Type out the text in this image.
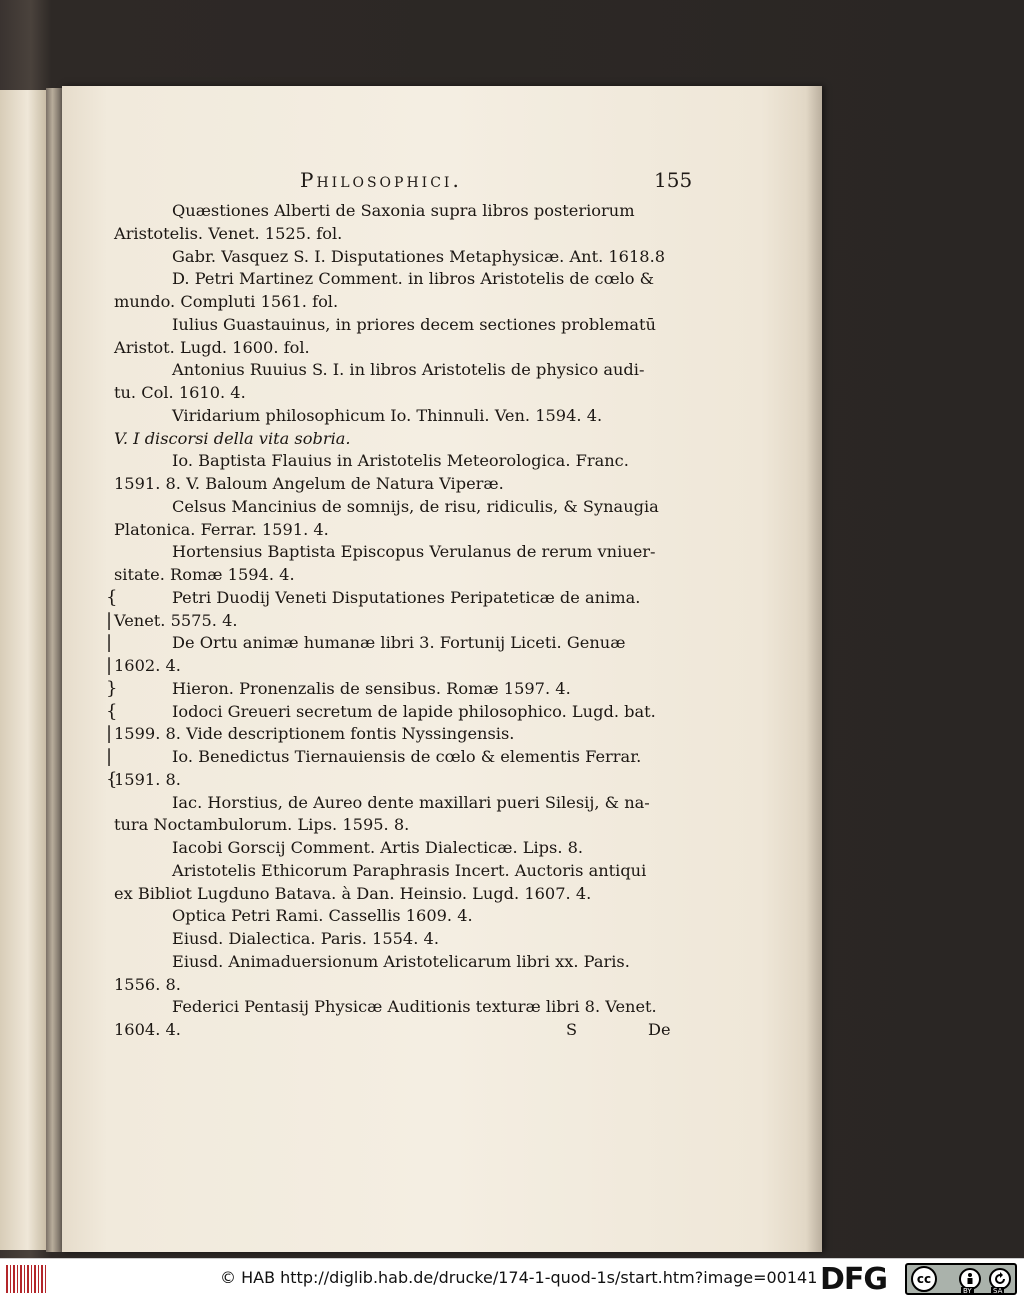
Philosophici.	155
Quæstiones Alberti de Saxonia supra libros posteriorum
Aristotelis. Venet. 1525. fol.
Gabr. Vasquez S. I. Disputationes Metaphysicæ. Ant. 1618.8
D. Petri Martinez Comment. in libros Aristotelis de cœlo &
mundo. Compluti 1561. fol.
Iulius Guastauinus, in priores decem sectiones problematū
Aristot. Lugd. 1600. fol.
Antonius Ruuius S. I. in libros Aristotelis de physico audi-
tu. Col. 1610. 4.
Viridarium philosophicum Io. Thinnuli. Ven. 1594. 4.
V. I discorsi della vita sobria.
Io. Baptista Flauius in Aristotelis Meteorologica. Franc.
1591. 8. V. Baloum Angelum de Natura Viperæ.
Celsus Mancinius de somnijs, de risu, ridiculis, & Synaugia
Platonica. Ferrar. 1591. 4.
Hortensius Baptista Episcopus Verulanus de rerum vniuer-
sitate. Romæ 1594. 4.
{	Petri Duodij Veneti Disputationes Peripateticæ de anima.
| Venet. 5575. 4.
|	De Ortu animæ humanæ libri 3. Fortunij Liceti. Genuæ
| 1602. 4.
}	Hieron. Pronenzalis de sensibus. Romæ 1597. 4.
{	Iodoci Greueri secretum de lapide philosophico. Lugd. bat.
| 1599. 8. Vide descriptionem fontis Nyssingensis.
|	Io. Benedictus Tiernauiensis de cœlo & elementis Ferrar.
{
1591. 8.
Iac. Horstius, de Aureo dente maxillari pueri Silesij, & na-
tura Noctambulorum. Lips. 1595. 8.
Iacobi Gorscij Comment. Artis Dialecticæ. Lips. 8.
Aristotelis Ethicorum Paraphrasis Incert. Auctoris antiqui
ex Bibliot Lugduno Batava. à Dan. Heinsio. Lugd. 1607. 4.
Optica Petri Rami. Cassellis 1609. 4.
Eiusd. Dialectica. Paris. 1554. 4.
Eiusd. Animaduersionum Aristotelicarum libri xx. Paris.
1556. 8.
Federici Pentasij Physicæ Auditionis texturæ libri 8. Venet.
1604. 4.	S	De
© HAB http://diglib.hab.de/drucke/174-1-quod-1s/start.htm?image=00141 DFG	cc
BY	SA
